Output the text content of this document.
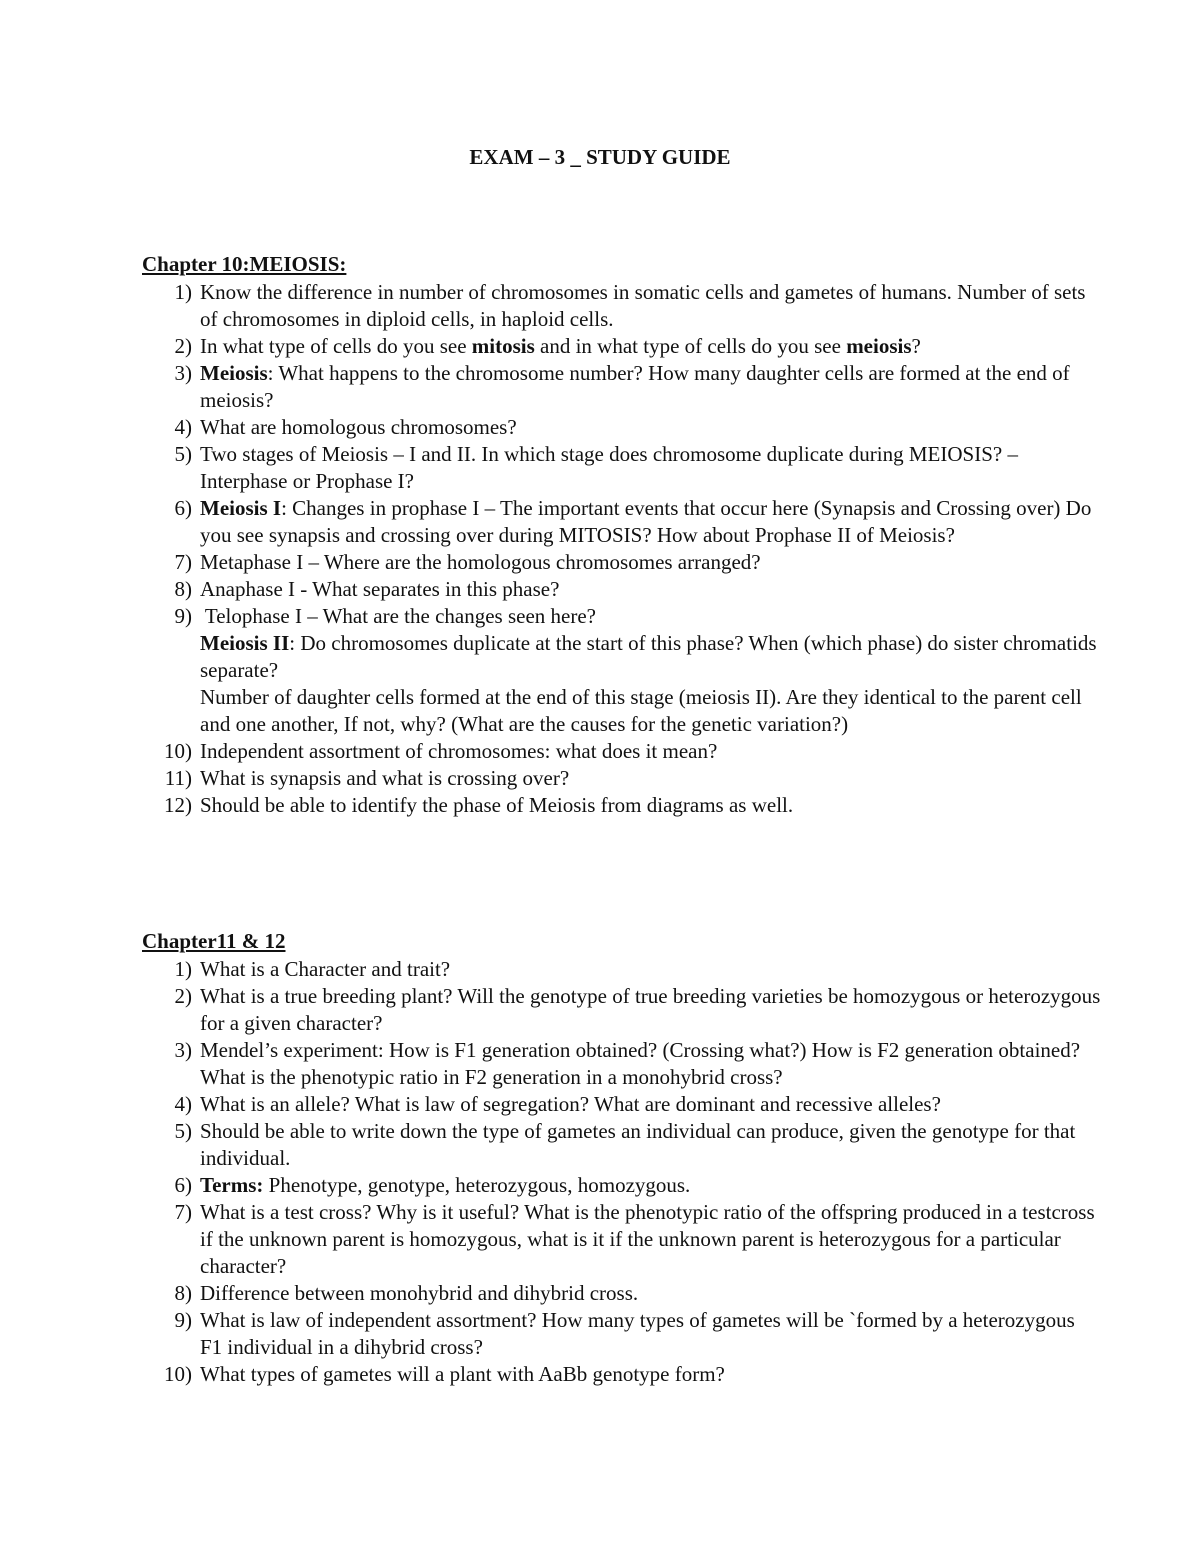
EXAM – 3 _ STUDY GUIDE
Chapter 10:MEIOSIS:
1) Know the difference in number of chromosomes in somatic cells and gametes of humans. Number of sets of chromosomes in diploid cells, in haploid cells.
2) In what type of cells do you see mitosis and in what type of cells do you see meiosis?
3) Meiosis: What happens to the chromosome number? How many daughter cells are formed at the end of meiosis?
4) What are homologous chromosomes?
5) Two stages of Meiosis – I and II. In which stage does chromosome duplicate during MEIOSIS? – Interphase or Prophase I?
6) Meiosis I: Changes in prophase I – The important events that occur here (Synapsis and Crossing over) Do you see synapsis and crossing over during MITOSIS? How about Prophase II of Meiosis?
7) Metaphase I – Where are the homologous chromosomes arranged?
8) Anaphase I - What separates in this phase?
9) Telophase I – What are the changes seen here?
Meiosis II: Do chromosomes duplicate at the start of this phase? When (which phase) do sister chromatids separate?
Number of daughter cells formed at the end of this stage (meiosis II). Are they identical to the parent cell and one another, If not, why? (What are the causes for the genetic variation?)
10) Independent assortment of chromosomes: what does it mean?
11) What is synapsis and what is crossing over?
12) Should be able to identify the phase of Meiosis from diagrams as well.
Chapter11 & 12
1) What is a Character and trait?
2) What is a true breeding plant? Will the genotype of true breeding varieties be homozygous or heterozygous for a given character?
3) Mendel’s experiment: How is F1 generation obtained? (Crossing what?) How is F2 generation obtained? What is the phenotypic ratio in F2 generation in a monohybrid cross?
4) What is an allele? What is law of segregation? What are dominant and recessive alleles?
5) Should be able to write down the type of gametes an individual can produce, given the genotype for that individual.
6) Terms: Phenotype, genotype, heterozygous, homozygous.
7) What is a test cross? Why is it useful? What is the phenotypic ratio of the offspring produced in a testcross if the unknown parent is homozygous, what is it if the unknown parent is heterozygous for a particular character?
8) Difference between monohybrid and dihybrid cross.
9) What is law of independent assortment? How many types of gametes will be `formed by a heterozygous F1 individual in a dihybrid cross?
10) What types of gametes will a plant with AaBb genotype form?
